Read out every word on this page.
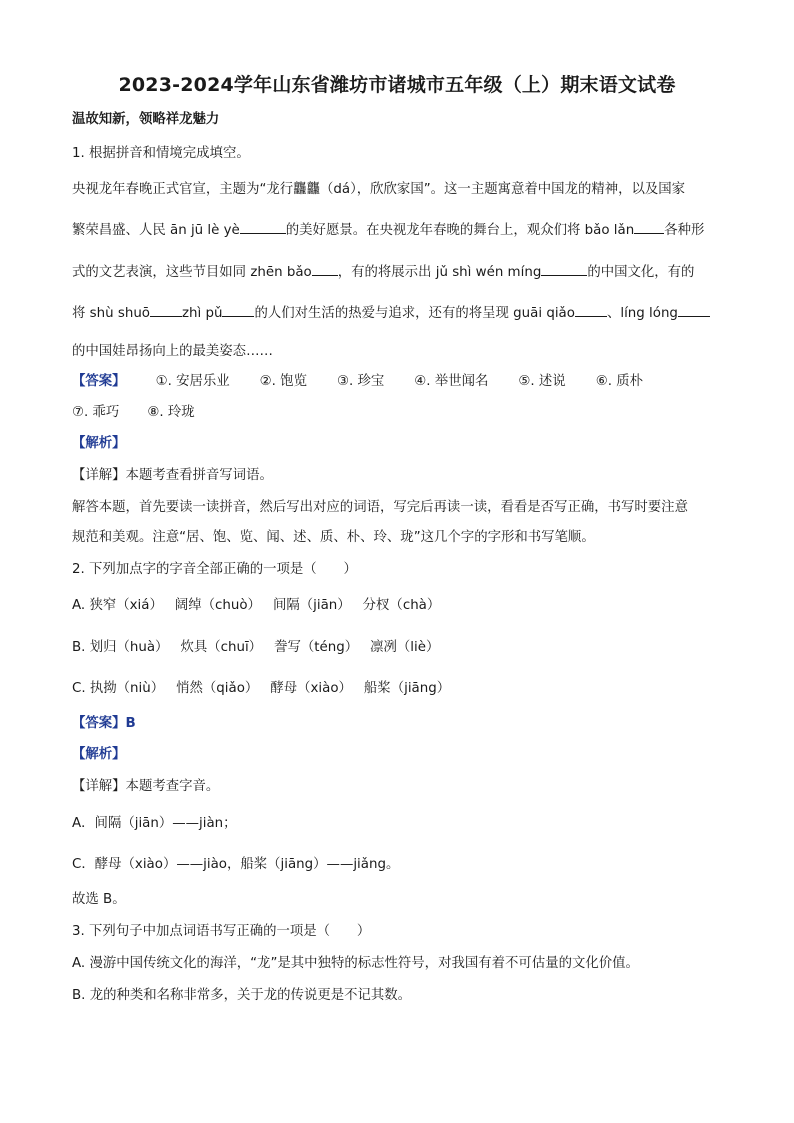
2023-2024学年山东省潍坊市诸城市五年级（上）期末语文试卷
温故知新，领略祥龙魅力
1. 根据拼音和情境完成填空。
央视龙年春晚正式官宣，主题为“龙行龘龘（dá），欣欣家国”。这一主题寓意着中国龙的精神，以及国家
繁荣昌盛、人民 ān jū lè yè	的美好愿景。在央视龙年春晚的舞台上，观众们将 bǎo lǎn 各种形
式的文艺表演，这些节目如同 zhēn bǎo ，有的将展示出 jǔ shì wén míng	的中国文化，有的
将 shù shuō zhì pǔ 的人们对生活的热爱与追求，还有的将呈现 guāi qiǎo 、líng lóng
的中国娃昂扬向上的最美姿态……
【答案】 ①. 安居乐业 ②. 饱览 ③. 珍宝 ④. 举世闻名 ⑤. 述说 ⑥. 质朴
⑦. 乖巧 ⑧. 玲珑
【解析】
【详解】本题考查看拼音写词语。
解答本题，首先要读一读拼音，然后写出对应的词语，写完后再读一读，看看是否写正确，书写时要注意
规范和美观。注意“居、饱、览、闻、述、质、朴、玲、珑”这几个字的字形和书写笔顺。
2. 下列加点字的字音全部正确的一项是（　　）
A. 狭窄（xiá） 阔绰（chuò） 间隔（jiān） 分杈（chà）
B. 划归（huà） 炊具（chuī） 誊写（téng） 凛冽（liè）
C. 执拗（niù） 悄然（qiǎo） 酵母（xiào） 船桨（jiāng）
【答案】B
【解析】
【详解】本题考查字音。
A．间隔（jiān）——jiàn；
C．酵母（xiào）——jiào，船桨（jiāng）——jiǎng。
故选 B。
3. 下列句子中加点词语书写正确的一项是（　　）
A. 漫游中国传统文化的海洋，“龙”是其中独特的标志性符号，对我国有着不可估量的文化价值。
B. 龙的种类和名称非常多，关于龙的传说更是不记其数。
